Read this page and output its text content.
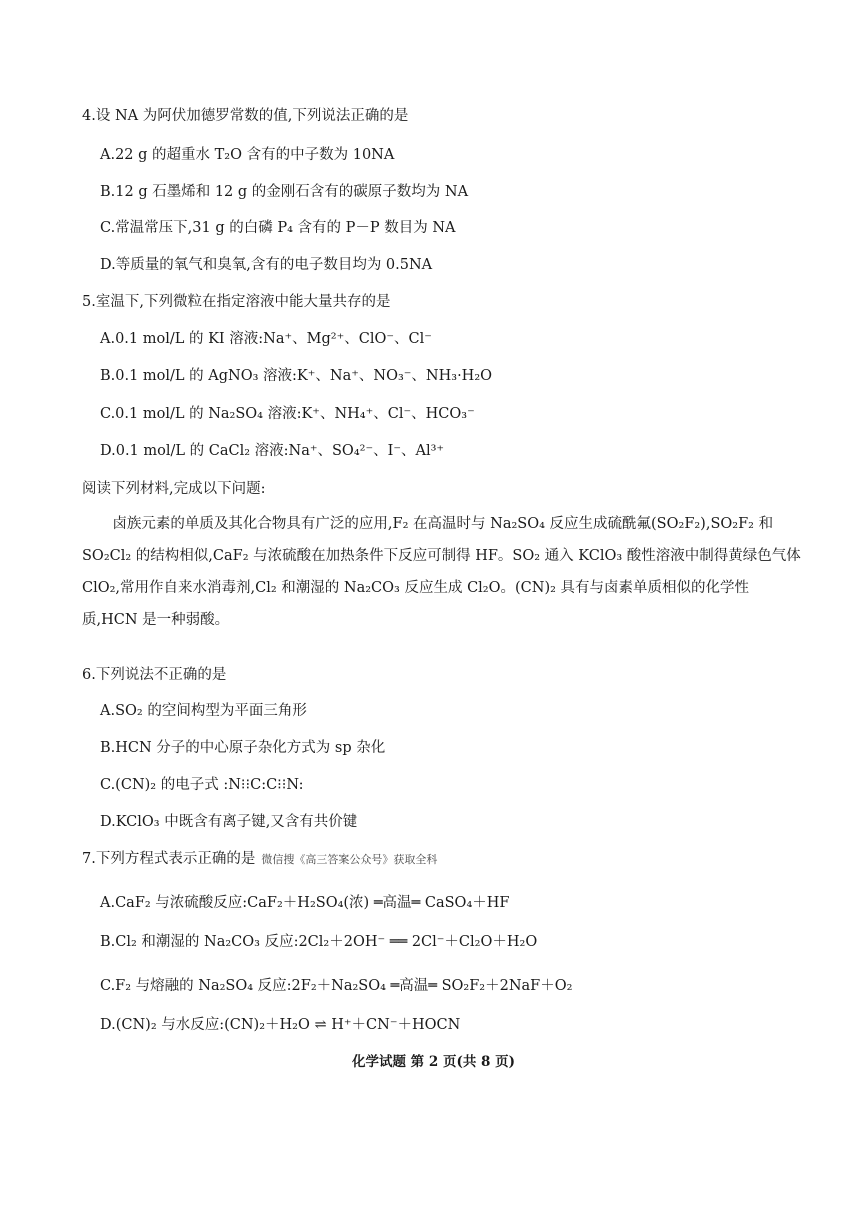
4.设 NA 为阿伏加德罗常数的值,下列说法正确的是
A.22 g 的超重水 T₂O 含有的中子数为 10NA
B.12 g 石墨烯和 12 g 的金刚石含有的碳原子数均为 NA
C.常温常压下,31 g 的白磷 P₄ 含有的 P－P 数目为 NA
D.等质量的氧气和臭氧,含有的电子数目均为 0.5NA
5.室温下,下列微粒在指定溶液中能大量共存的是
A.0.1 mol/L 的 KI 溶液:Na⁺、Mg²⁺、ClO⁻、Cl⁻
B.0.1 mol/L 的 AgNO₃ 溶液:K⁺、Na⁺、NO₃⁻、NH₃·H₂O
C.0.1 mol/L 的 Na₂SO₄ 溶液:K⁺、NH₄⁺、Cl⁻、HCO₃⁻
D.0.1 mol/L 的 CaCl₂ 溶液:Na⁺、SO₄²⁻、I⁻、Al³⁺
阅读下列材料,完成以下问题:
卤族元素的单质及其化合物具有广泛的应用,F₂ 在高温时与 Na₂SO₄ 反应生成硫酰氟(SO₂F₂),SO₂F₂ 和 SO₂Cl₂ 的结构相似,CaF₂ 与浓硫酸在加热条件下反应可制得 HF。SO₂ 通入 KClO₃ 酸性溶液中制得黄绿色气体 ClO₂,常用作自来水消毒剂,Cl₂ 和潮湿的 Na₂CO₃ 反应生成 Cl₂O。(CN)₂ 具有与卤素单质相似的化学性质,HCN 是一种弱酸。
6.下列说法不正确的是
A.SO₂ 的空间构型为平面三角形
B.HCN 分子的中心原子杂化方式为 sp 杂化
C.(CN)₂ 的电子式 :N⁝⁝C:C⁝⁝N:
D.KClO₃ 中既含有离子键,又含有共价键
7.下列方程式表示正确的是 微信搜《高三答案公众号》获取全科
A.CaF₂ 与浓硫酸反应:CaF₂＋H₂SO₄(浓) ═高温═ CaSO₄＋HF
B.Cl₂ 和潮湿的 Na₂CO₃ 反应:2Cl₂＋2OH⁻ ══ 2Cl⁻＋Cl₂O＋H₂O
C.F₂ 与熔融的 Na₂SO₄ 反应:2F₂＋Na₂SO₄ ═高温═ SO₂F₂＋2NaF＋O₂
D.(CN)₂ 与水反应:(CN)₂＋H₂O ⇌ H⁺＋CN⁻＋HOCN
化学试题 第 2 页(共 8 页)
